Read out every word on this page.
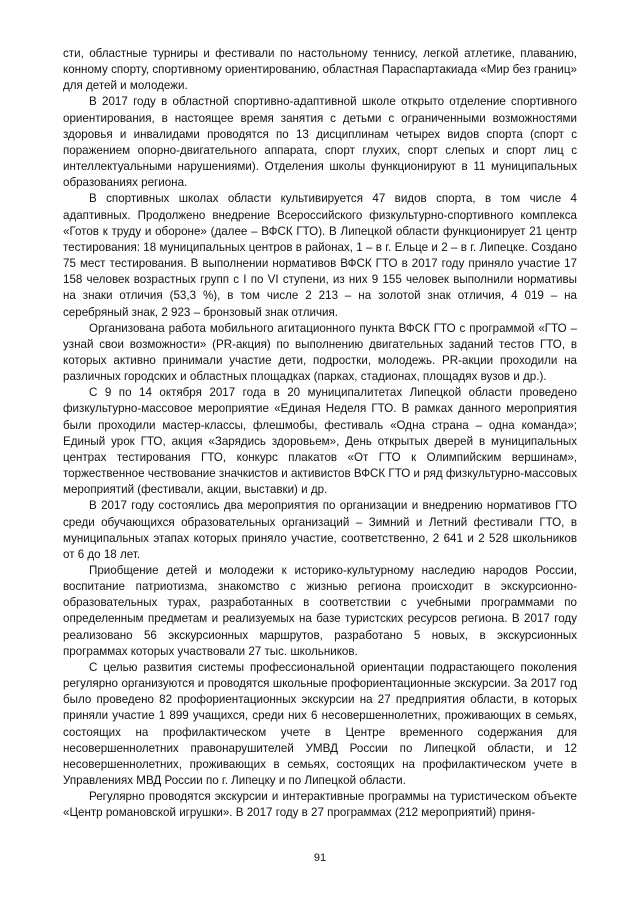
сти, областные турниры и фестивали по настольному теннису, легкой атлетике, плаванию, конному спорту, спортивному ориентированию, областная Параспартакиада «Мир без границ» для детей и молодежи.

В 2017 году в областной спортивно-адаптивной школе открыто отделение спортивного ориентирования, в настоящее время занятия с детьми с ограниченными возможностями здоровья и инвалидами проводятся по 13 дисциплинам четырех видов спорта (спорт с поражением опорно-двигательного аппарата, спорт глухих, спорт слепых и спорт лиц с интеллектуальными нарушениями). Отделения школы функционируют в 11 муниципальных образованиях региона.

В спортивных школах области культивируется 47 видов спорта, в том числе 4 адаптивных. Продолжено внедрение Всероссийского физкультурно-спортивного комплекса «Готов к труду и обороне» (далее – ВФСК ГТО). В Липецкой области функционирует 21 центр тестирования: 18 муниципальных центров в районах, 1 – в г. Ельце и 2 – в г. Липецке. Создано 75 мест тестирования. В выполнении нормативов ВФСК ГТО в 2017 году приняло участие 17 158 человек возрастных групп с I по VI ступени, из них 9 155 человек выполнили нормативы на знаки отличия (53,3 %), в том числе 2 213 – на золотой знак отличия, 4 019 – на серебряный знак, 2 923 – бронзовый знак отличия.

Организована работа мобильного агитационного пункта ВФСК ГТО с программой «ГТО – узнай свои возможности» (PR-акция) по выполнению двигательных заданий тестов ГТО, в которых активно принимали участие дети, подростки, молодежь. PR-акции проходили на различных городских и областных площадках (парках, стадионах, площадях вузов и др.).

С 9 по 14 октября 2017 года в 20 муниципалитетах Липецкой области проведено физкультурно-массовое мероприятие «Единая Неделя ГТО. В рамках данного мероприятия были проходили мастер-классы, флешмобы, фестиваль «Одна страна – одна команда»; Единый урок ГТО, акция «Зарядись здоровьем», День открытых дверей в муниципальных центрах тестирования ГТО, конкурс плакатов «От ГТО к Олимпийским вершинам», торжественное чествование значкистов и активистов ВФСК ГТО и ряд физкультурно-массовых мероприятий (фестивали, акции, выставки) и др.

В 2017 году состоялись два мероприятия по организации и внедрению нормативов ГТО среди обучающихся образовательных организаций – Зимний и Летний фестивали ГТО, в муниципальных этапах которых приняло участие, соответственно, 2 641 и 2 528 школьников от 6 до 18 лет.

Приобщение детей и молодежи к историко-культурному наследию народов России, воспитание патриотизма, знакомство с жизнью региона происходит в экскурсионно-образовательных турах, разработанных в соответствии с учебными программами по определенным предметам и реализуемых на базе туристских ресурсов региона. В 2017 году реализовано 56 экскурсионных маршрутов, разработано 5 новых, в экскурсионных программах которых участвовали 27 тыс. школьников.

С целью развития системы профессиональной ориентации подрастающего поколения регулярно организуются и проводятся школьные профориентационные экскурсии. За 2017 год было проведено 82 профориентационных экскурсии на 27 предприятия области, в которых приняли участие 1 899 учащихся, среди них 6 несовершеннолетних, проживающих в семьях, состоящих на профилактическом учете в Центре временного содержания для несовершеннолетних правонарушителей УМВД России по Липецкой области, и 12 несовершеннолетних, проживающих в семьях, состоящих на профилактическом учете в Управлениях МВД России по г. Липецку и по Липецкой области.

Регулярно проводятся экскурсии и интерактивные программы на туристическом объекте «Центр романовской игрушки». В 2017 году в 27 программах (212 мероприятий) приня-

91
